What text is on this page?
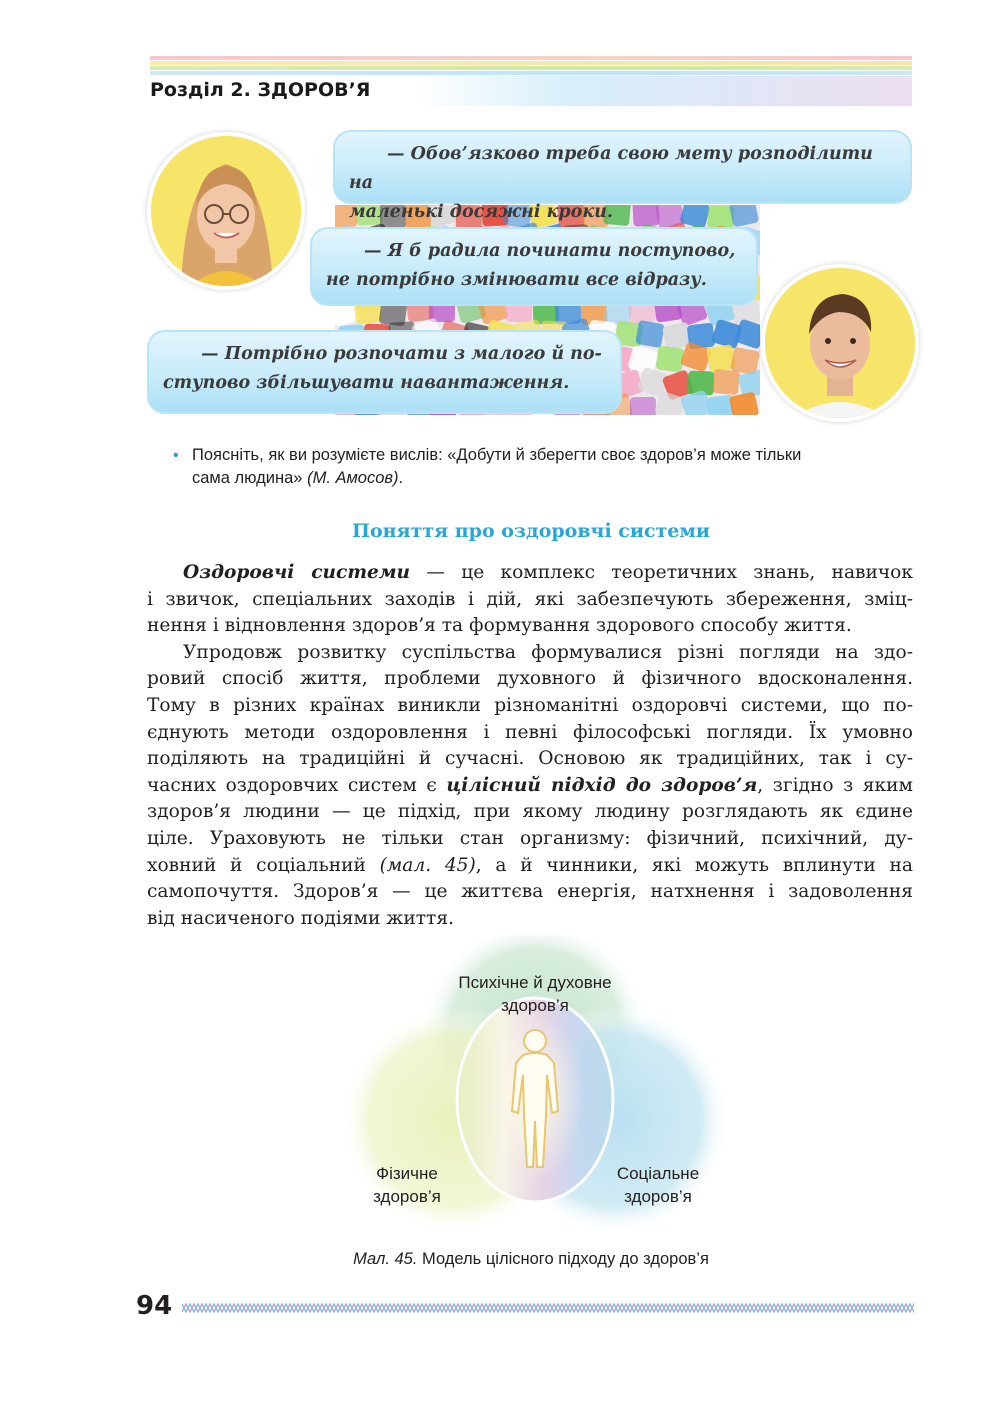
Розділ 2. ЗДОРОВ’Я
— Обов’язково треба свою мету розподілити на
маленькі досяжні кроки.
— Я б радила починати поступово,
не потрібно змінювати все відразу.
— Потрібно розпочати з малого й по-
ступово збільшувати навантаження.
• Поясніть, як ви розумієте вислів: «Добути й зберегти своє здоров’я може тільки
сама людина» (М. Амосов).
Поняття про оздоровчі системи
Оздоровчі системи — це комплекс теоретичних знань, навичок
і звичок, спеціальних заходів і дій, які забезпечують збереження, зміц-
нення і відновлення здоров’я та формування здорового способу життя.
Упродовж розвитку суспільства формувалися різні погляди на здо-
ровий спосіб життя, проблеми духовного й фізичного вдосконалення.
Тому в різних країнах виникли різноманітні оздоровчі системи, що по-
єднують методи оздоровлення і певні філософські погляди. Їх умовно
поділяють на традиційні й сучасні. Основою як традиційних, так і су-
часних оздоровчих систем є цілісний підхід до здоров’я, згідно з яким
здоров’я людини — це підхід, при якому людину розглядають як єдине
ціле. Ураховують не тільки стан организму: фізичний, психічний, ду-
ховний й соціальний (мал. 45), а й чинники, які можуть вплинути на
самопочуття. Здоров’я — це життєва енергія, натхнення і задоволення
від насиченого подіями життя.
Психічне й духовне
здоров’я
Фізичне
здоров’я
Соціальне
здоров’я
Мал. 45. Модель цілісного підходу до здоров’я
94
